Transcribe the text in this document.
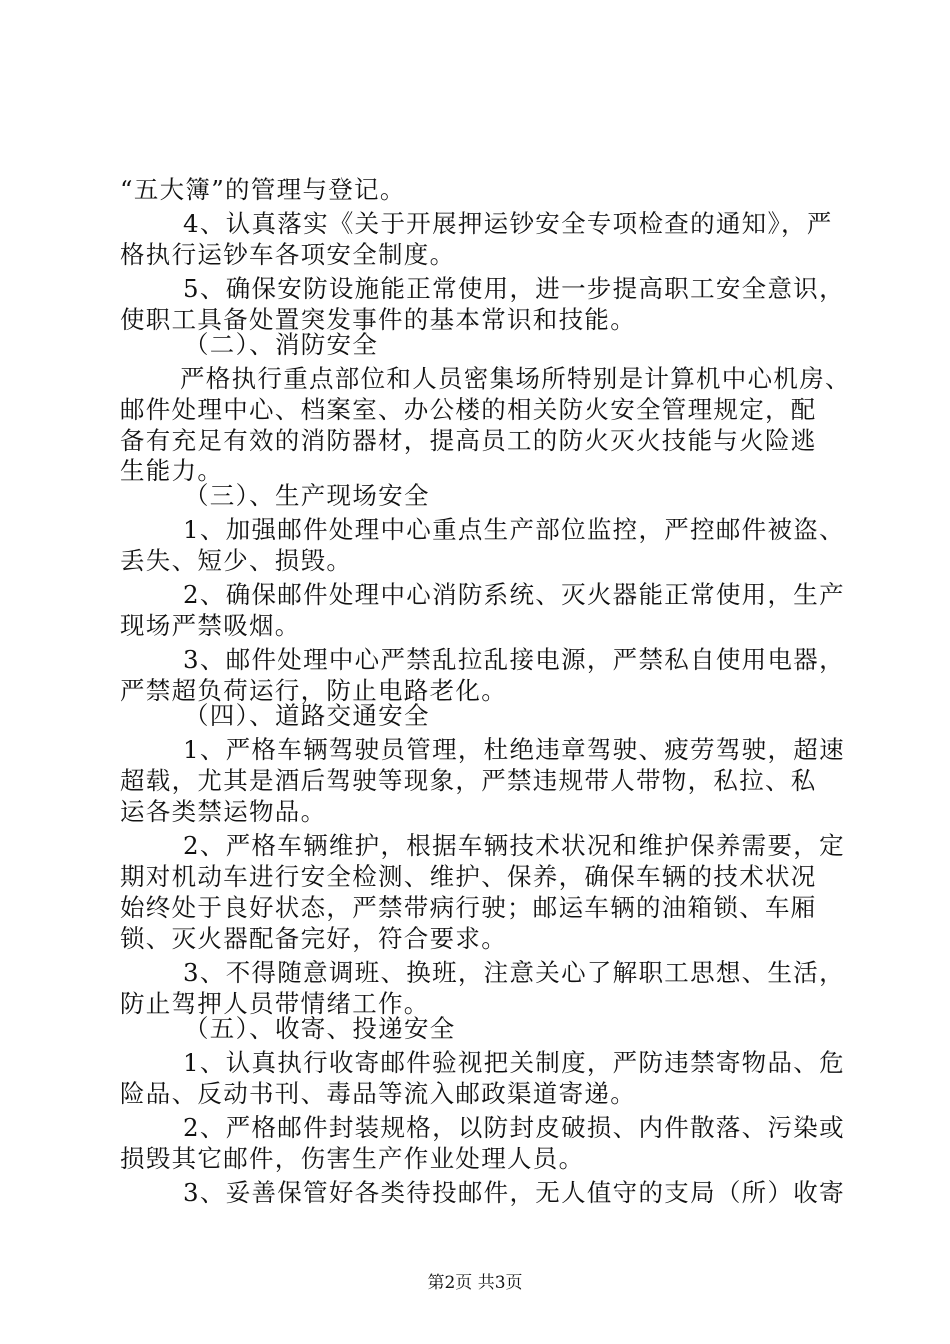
“五大簿”的管理与登记。
4、认真落实《关于开展押运钞安全专项检查的通知》，严
格执行运钞车各项安全制度。
5、确保安防设施能正常使用，进一步提高职工安全意识，
使职工具备处置突发事件的基本常识和技能。
（二）、消防安全
严格执行重点部位和人员密集场所特别是计算机中心机房、
邮件处理中心、档案室、办公楼的相关防火安全管理规定，配
备有充足有效的消防器材，提高员工的防火灭火技能与火险逃
生能力。
（三）、生产现场安全
1、加强邮件处理中心重点生产部位监控，严控邮件被盗、
丢失、短少、损毁。
2、确保邮件处理中心消防系统、灭火器能正常使用，生产
现场严禁吸烟。
3、邮件处理中心严禁乱拉乱接电源，严禁私自使用电器，
严禁超负荷运行，防止电路老化。
（四）、道路交通安全
1、严格车辆驾驶员管理，杜绝违章驾驶、疲劳驾驶，超速
超载，尤其是酒后驾驶等现象，严禁违规带人带物，私拉、私
运各类禁运物品。
2、严格车辆维护，根据车辆技术状况和维护保养需要，定
期对机动车进行安全检测、维护、保养，确保车辆的技术状况
始终处于良好状态，严禁带病行驶；邮运车辆的油箱锁、车厢
锁、灭火器配备完好，符合要求。
3、不得随意调班、换班，注意关心了解职工思想、生活，
防止驾押人员带情绪工作。
（五）、收寄、投递安全
1、认真执行收寄邮件验视把关制度，严防违禁寄物品、危
险品、反动书刊、毒品等流入邮政渠道寄递。
2、严格邮件封装规格，以防封皮破损、内件散落、污染或
损毁其它邮件，伤害生产作业处理人员。
3、妥善保管好各类待投邮件，无人值守的支局（所）收寄
第2页 共3页
